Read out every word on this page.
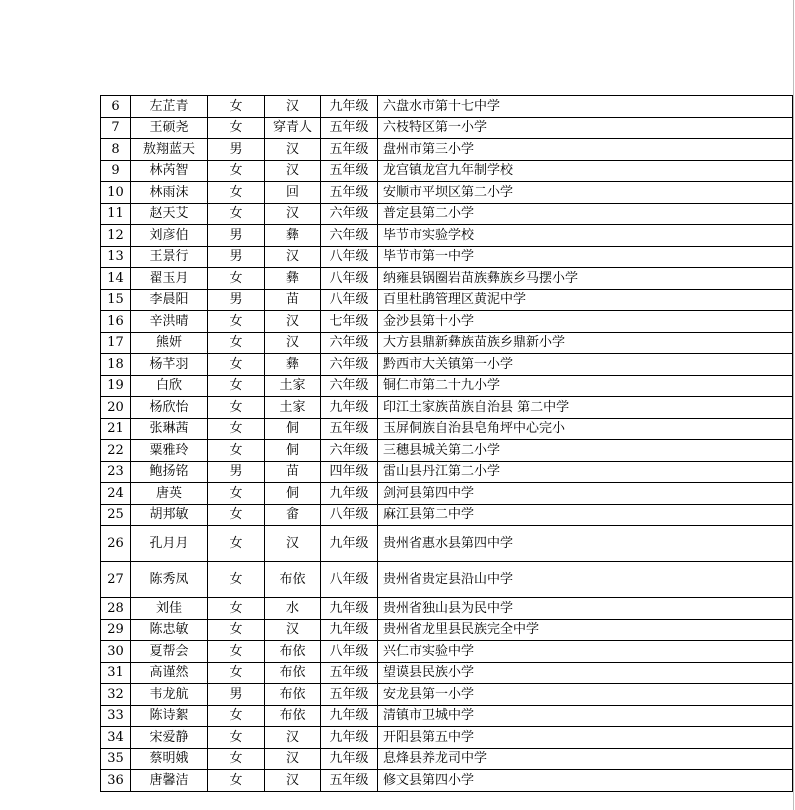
6	左芷青	女	汉	九年级	六盘水市第十七中学
7	王硕尧	女	穿青人	五年级	六枝特区第一小学
8	敖翔蓝天	男	汉	五年级	盘州市第三小学
9	林芮智	女	汉	五年级	龙宫镇龙宫九年制学校
10	林雨沫	女	回	五年级	安顺市平坝区第二小学
11	赵天艾	女	汉	六年级	普定县第二小学
12	刘彦伯	男	彝	六年级	毕节市实验学校
13	王景行	男	汉	八年级	毕节市第一中学
14	翟玉月	女	彝	八年级	纳雍县锅圈岩苗族彝族乡马摆小学
15	李晨阳	男	苗	八年级	百里杜鹃管理区黄泥中学
16	辛洪晴	女	汉	七年级	金沙县第十小学
17	熊妍	女	汉	六年级	大方县鼎新彝族苗族乡鼎新小学
18	杨芊羽	女	彝	六年级	黔西市大关镇第一小学
19	白欣	女	土家	六年级	铜仁市第二十九小学
20	杨欣怡	女	土家	九年级	印江土家族苗族自治县 第二中学
21	张琳茜	女	侗	五年级	玉屏侗族自治县皂角坪中心完小
22	粟雅玲	女	侗	六年级	三穗县城关第二小学
23	鲍扬铭	男	苗	四年级	雷山县丹江第二小学
24	唐英	女	侗	九年级	剑河县第四中学
25	胡邦敏	女	畲	八年级	麻江县第二中学
26	孔月月	女	汉	九年级	贵州省惠水县第四中学
27	陈秀凤	女	布依	八年级	贵州省贵定县沿山中学
28	刘佳	女	水	九年级	贵州省独山县为民中学
29	陈忠敏	女	汉	九年级	贵州省龙里县民族完全中学
30	夏帮会	女	布依	八年级	兴仁市实验中学
31	高谨然	女	布依	五年级	望谟县民族小学
32	韦龙航	男	布依	五年级	安龙县第一小学
33	陈诗絮	女	布依	九年级	清镇市卫城中学
34	宋爱静	女	汉	九年级	开阳县第五中学
35	蔡明娥	女	汉	九年级	息烽县养龙司中学
36	唐馨洁	女	汉	五年级	修文县第四小学
